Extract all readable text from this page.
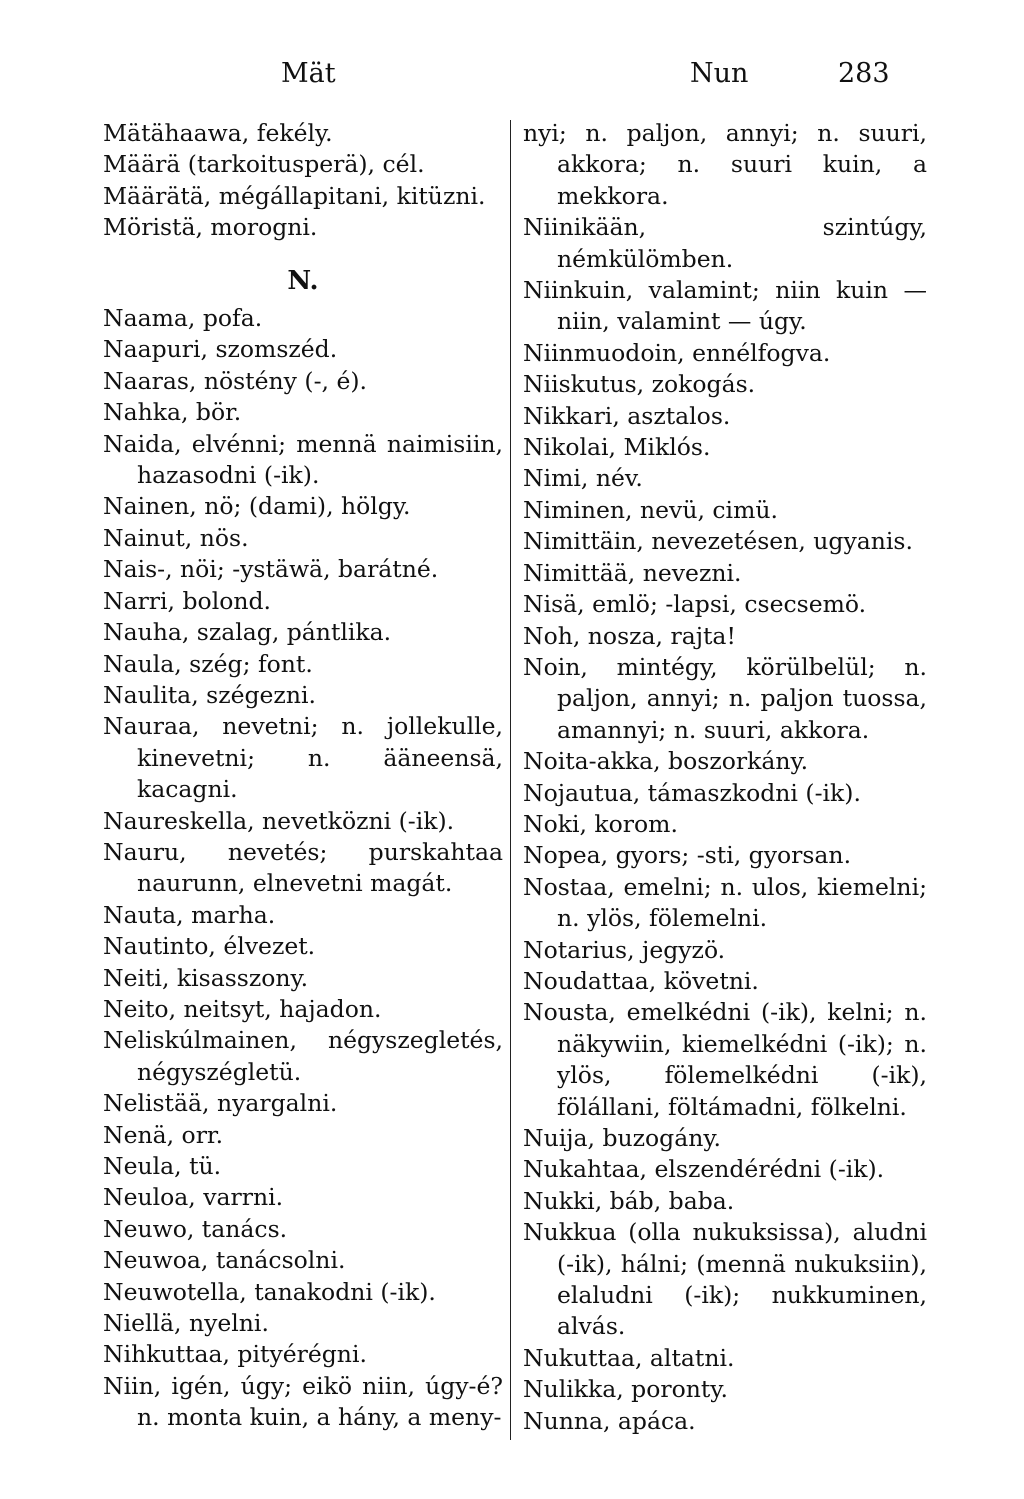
Mät	Nun	283

Mätähaawa, fekély.

Määrä (tarkoitusperä), cél.

Määrätä, mégállapitani, kitüzni.

Möristä, morogni.

N.

Naama, pofa.

Naapuri, szomszéd.

Naaras, nöstény (-, é).

Nahka, bör.

Naida, elvénni; mennä naimisiin, hazasodni (-ik).

Nainen, nö; (dami), hölgy.

Nainut, nös.

Nais-, nöi; -ystäwä, barátné.

Narri, bolond.

Nauha, szalag, pántlika.

Naula, szég; font.

Naulita, szégezni.

Nauraa, nevetni; n. jollekulle, kinevetni; n. ääneensä, kacagni.

Naureskella, nevetközni (-ik).

Nauru, nevetés; purskahtaa naurunn, elnevetni magát.

Nauta, marha.

Nautinto, élvezet.

Neiti, kisasszony.

Neito, neitsyt, hajadon.

Neliskúlmainen, négyszegletés, négyszégletü.

Nelistää, nyargalni.

Nenä, orr.

Neula, tü.

Neuloa, varrni.

Neuwo, tanács.

Neuwoa, tanácsolni.

Neuwotella, tanakodni (-ik).

Niellä, nyelni.

Nihkuttaa, pityérégni.

Niin, igén, úgy; eikö niin, úgy-é? n. monta kuin, a hány, a meny-

nyi; n. paljon, annyi; n. suuri, akkora; n. suuri kuin, a mekkora.

Niinikään, szintúgy, némkülömben.

Niinkuin, valamint; niin kuin — niin, valamint — úgy.

Niinmuodoin, ennélfogva.

Niiskutus, zokogás.

Nikkari, asztalos.

Nikolai, Miklós.

Nimi, név.

Niminen, nevü, cimü.

Nimittäin, nevezetésen, ugyanis.

Nimittää, nevezni.

Nisä, emlö; -lapsi, csecsemö.

Noh, nosza, rajta!

Noin, mintégy, körülbelül; n. paljon, annyi; n. paljon tuossa, amannyi; n. suuri, akkora.

Noita-akka, boszorkány.

Nojautua, támaszkodni (-ik).

Noki, korom.

Nopea, gyors; -sti, gyorsan.

Nostaa, emelni; n. ulos, kiemelni; n. ylös, fölemelni.

Notarius, jegyzö.

Noudattaa, követni.

Nousta, emelkédni (-ik), kelni; n. näkywiin, kiemelkédni (-ik); n. ylös, fölemelkédni (-ik), fölállani, föltámadni, fölkelni.

Nuija, buzogány.

Nukahtaa, elszendérédni (-ik).

Nukki, báb, baba.

Nukkua (olla nukuksissa), aludni (-ik), hálni; (mennä nukuksiin), elaludni (-ik); nukkuminen, alvás.

Nukuttaa, altatni.

Nulikka, poronty.

Nunna, apáca.
